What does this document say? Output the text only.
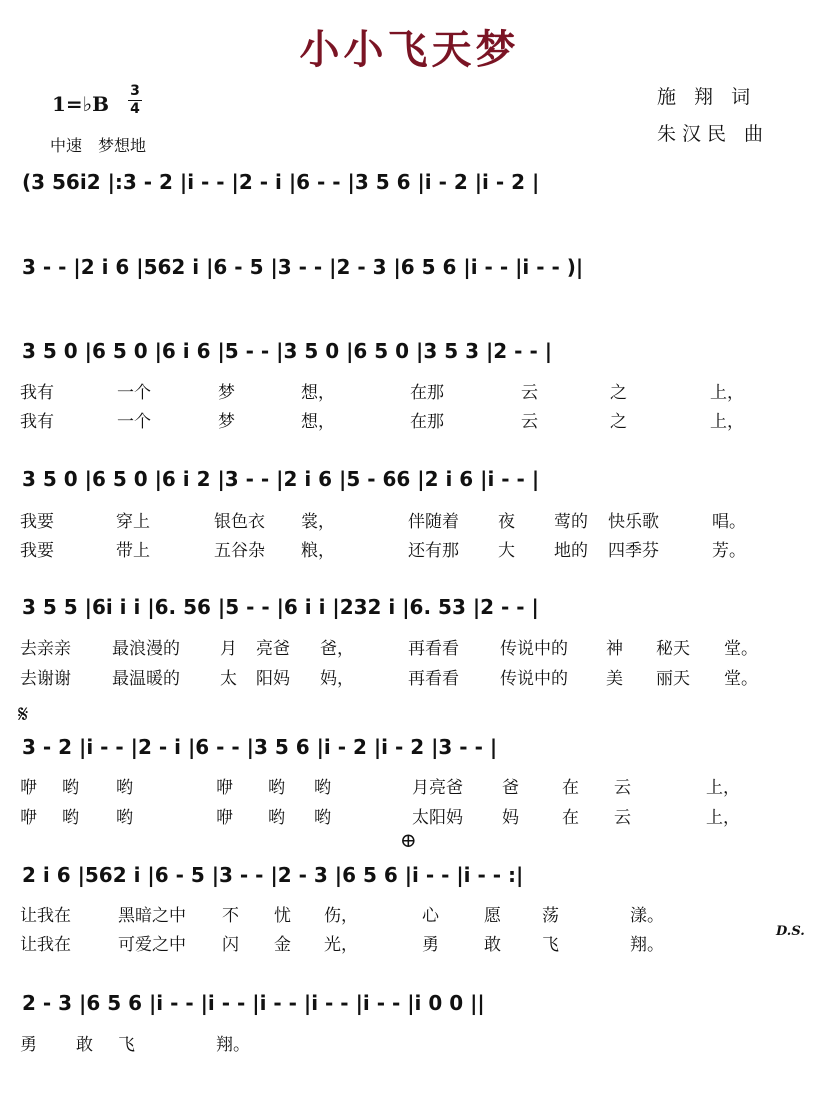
小小飞天梦
1=♭B
3
4
中速　梦想地
施 翔 词
朱汉民 曲
(3 56i2 |:3 - 2 |i - - |2 - i |6 - - |3 5 6 |i - 2 |i - 2 |
3 - - |2 i 6 |562 i |6 - 5 |3 - - |2 - 3 |6 5 6 |i - - |i - - )|
3 5 0 |6 5 0 |6 i 6 |5 - - |3 5 0 |6 5 0 |3 5 3 |2 - - |
我有	一个	梦	想，	在那	云	之	上，
我有	一个	梦	想，	在那	云	之	上，
3 5 0 |6 5 0 |6 i 2 |3 - - |2 i 6 |5 - 66 |2 i 6 |i - - |
我要	穿上	银色衣 裳，	伴随着 夜 莺的 快乐歌	唱。
我要	带上	五谷杂 粮，	还有那 大 地的 四季芬	芳。
3 5 5 |6i i i |6. 56 |5 - - |6 i i |232 i |6. 53 |2 - - |
去亲亲 最浪漫的 月 亮爸 爸，	再看看 传说中的 神 秘天 堂。
去谢谢 最温暖的 太 阳妈 妈，	再看看 传说中的 美 丽天 堂。
𝄋
3 - 2 |i - - |2 - i |6 - - |3 5 6 |i - 2 |i - 2 |3 - - |
咿 哟 哟	咿 哟 哟	月亮爸 爸	在 云	上，
咿 哟 哟	咿 哟 哟	太阳妈 妈	在 云	上，
⊕
2 i 6 |562 i |6 - 5 |3 - - |2 - 3 |6 5 6 |i - - |i - - :|
让我在	黑暗之中 不 忧 伤，	心	愿 荡	漾。
让我在	可爱之中 闪 金 光，	勇	敢 飞	翔。
D.S.
2 - 3 |6 5 6 |i - - |i - - |i - - |i - - |i - - |i 0 0 ||
勇 敢 飞	翔。
